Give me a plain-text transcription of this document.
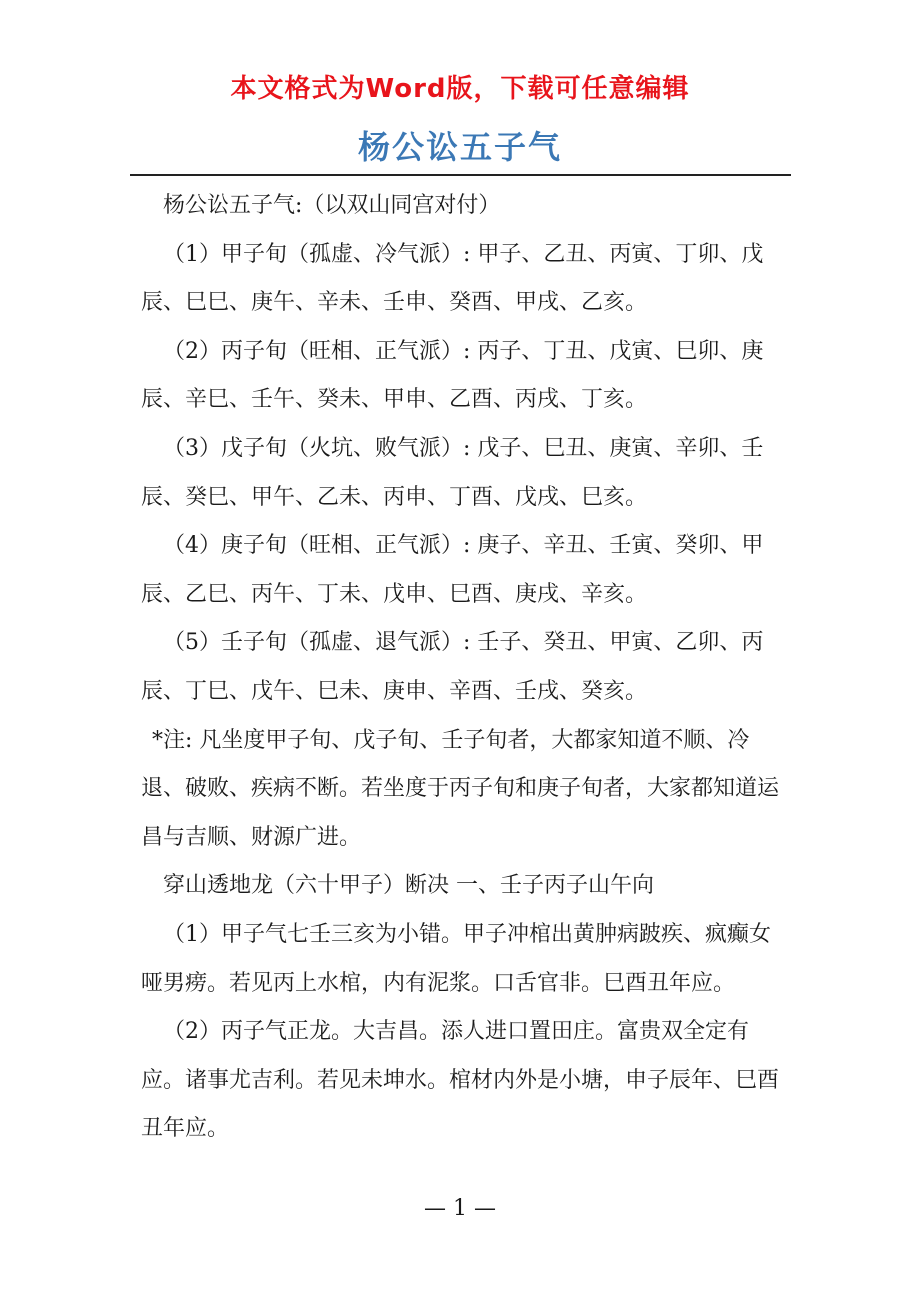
本文格式为Word版，下载可任意编辑
杨公讼五子气

杨公讼五子气:（以双山同宫对付）

（1）甲子旬（孤虚、冷气派）: 甲子、乙丑、丙寅、丁卯、戊辰、巳巳、庚午、辛未、壬申、癸酉、甲戌、乙亥。

（2）丙子旬（旺相、正气派）: 丙子、丁丑、戊寅、巳卯、庚辰、辛巳、壬午、癸未、甲申、乙酉、丙戌、丁亥。

（3）戊子旬（火坑、败气派）: 戊子、巳丑、庚寅、辛卯、壬辰、癸巳、甲午、乙未、丙申、丁酉、戊戌、巳亥。

（4）庚子旬（旺相、正气派）: 庚子、辛丑、壬寅、癸卯、甲辰、乙巳、丙午、丁未、戊申、巳酉、庚戌、辛亥。

（5）壬子旬（孤虚、退气派）: 壬子、癸丑、甲寅、乙卯、丙辰、丁巳、戊午、巳未、庚申、辛酉、壬戌、癸亥。

*注: 凡坐度甲子旬、戊子旬、壬子旬者，大都家知道不顺、冷退、破败、疾病不断。若坐度于丙子旬和庚子旬者，大家都知道运昌与吉顺、财源广进。

穿山透地龙（六十甲子）断决 一、壬子丙子山午向

（1）甲子气七壬三亥为小错。甲子冲棺出黄肿病跛疾、疯癫女哑男痨。若见丙上水棺，内有泥浆。口舌官非。巳酉丑年应。

（2）丙子气正龙。大吉昌。添人进口置田庄。富贵双全定有应。诸事尤吉利。若见未坤水。棺材内外是小塘，申子辰年、巳酉丑年应。

— 1 —
